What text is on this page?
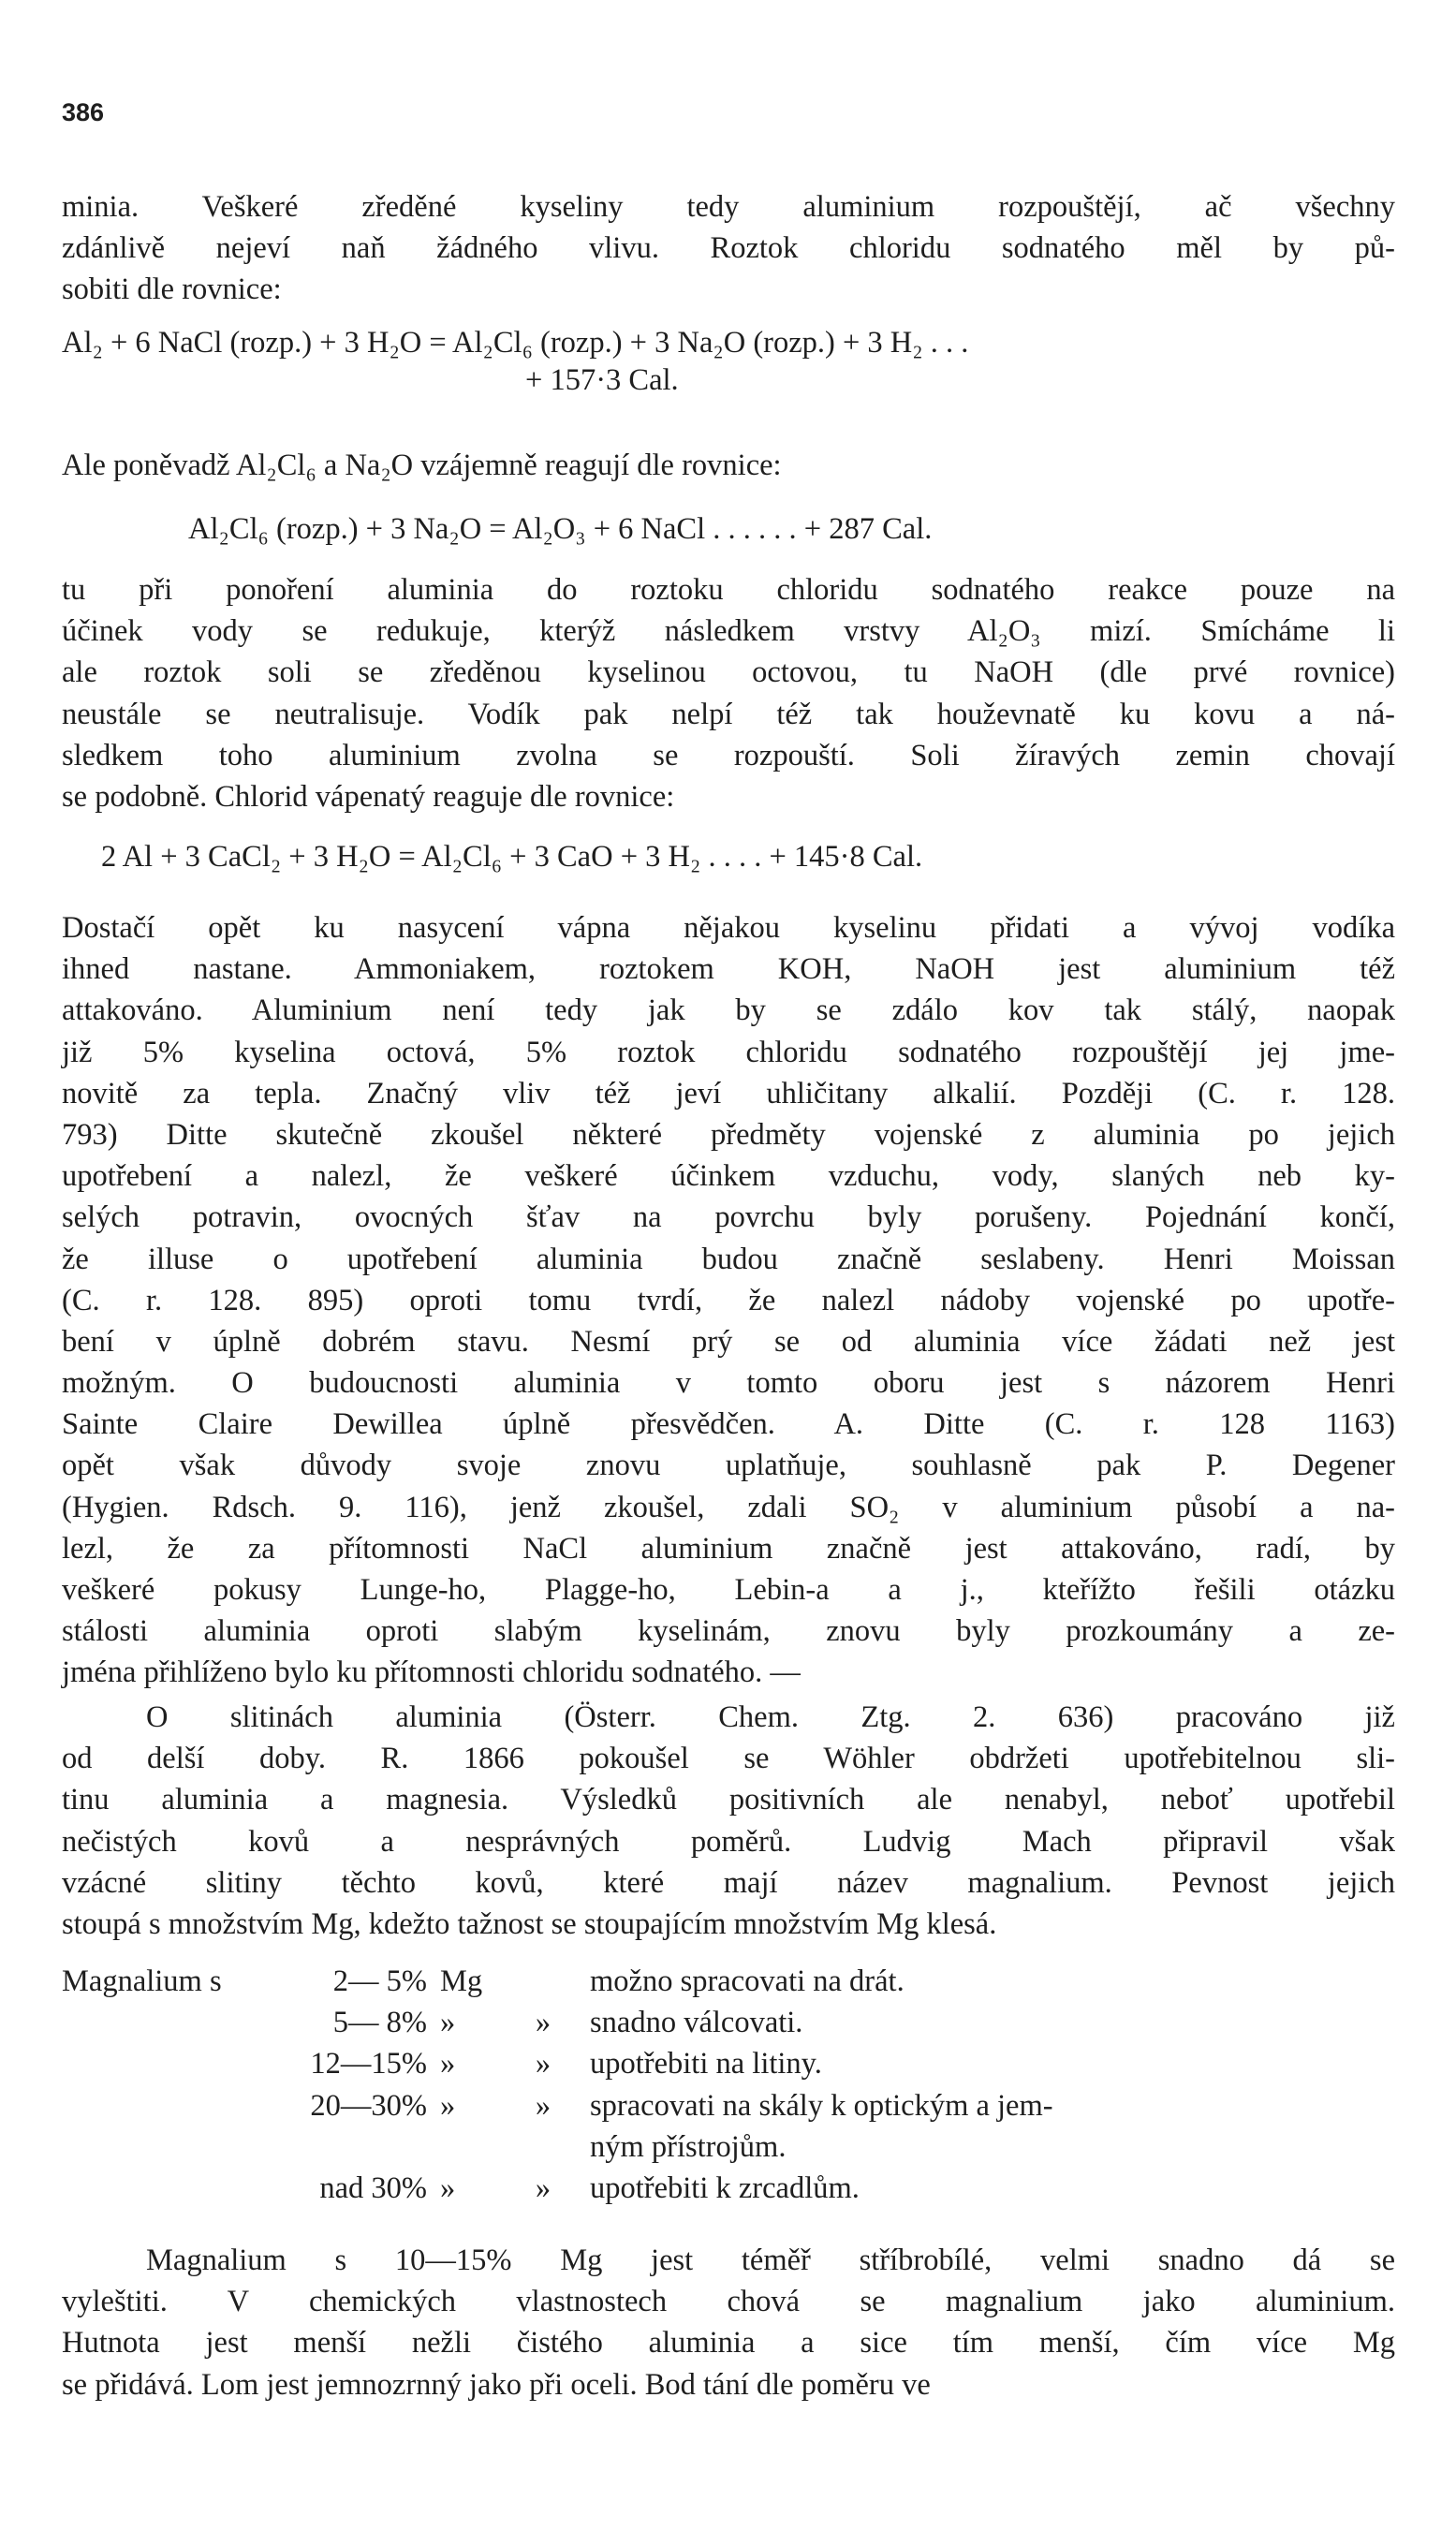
386
minia. Veškeré zředěné kyseliny tedy aluminium rozpouštějí, ač všechny
zdánlivě nejeví naň žádného vlivu. Roztok chloridu sodnatého měl by pů-
sobiti dle rovnice:
Al₂ + 6 NaCl (rozp.) + 3 H₂O = Al₂Cl₆ (rozp.) + 3 Na₂O (rozp.) + 3 H₂ . . .
+ 157·3 Cal.
Ale poněvadž Al₂Cl₆ a Na₂O vzájemně reagují dle rovnice:
Al₂Cl₆ (rozp.) + 3 Na₂O = Al₂O₃ + 6 NaCl . . . . . . + 287 Cal.
tu při ponoření aluminia do roztoku chloridu sodnatého reakce pouze na
účinek vody se redukuje, kterýž následkem vrstvy Al₂O₃ mizí. Smícháme li
ale roztok soli se zředěnou kyselinou octovou, tu NaOH (dle prvé rovnice)
neustále se neutralisuje. Vodík pak nelpí též tak houževnatě ku kovu a ná-
sledkem toho aluminium zvolna se rozpouští. Soli žíravých zemin chovají
se podobně. Chlorid vápenatý reaguje dle rovnice:
2 Al + 3 CaCl₂ + 3 H₂O = Al₂Cl₆ + 3 CaO + 3 H₂ . . . . + 145·8 Cal.
Dostačí opět ku nasycení vápna nějakou kyselinu přidati a vývoj vodíka
ihned nastane. Ammoniakem, roztokem KOH, NaOH jest aluminium též
attakováno. Aluminium není tedy jak by se zdálo kov tak stálý, naopak
již 5% kyselina octová, 5% roztok chloridu sodnatého rozpouštějí jej jme-
novitě za tepla. Značný vliv též jeví uhličitany alkalií. Později (C. r. 128.
793) Ditte skutečně zkoušel některé předměty vojenské z aluminia po jejich
upotřebení a nalezl, že veškeré účinkem vzduchu, vody, slaných neb ky-
selých potravin, ovocných šťav na povrchu byly porušeny. Pojednání končí,
že illuse o upotřebení aluminia budou značně seslabeny. Henri Moissan
(C. r. 128. 895) oproti tomu tvrdí, že nalezl nádoby vojenské po upotře-
bení v úplně dobrém stavu. Nesmí prý se od aluminia více žádati než jest
možným. O budoucnosti aluminia v tomto oboru jest s názorem Henri
Sainte Claire Dewillea úplně přesvědčen. A. Ditte (C. r. 128 1163)
opět však důvody svoje znovu uplatňuje, souhlasně pak P. Degener
(Hygien. Rdsch. 9. 116), jenž zkoušel, zdali SO₂ v aluminium působí a na-
lezl, že za přítomnosti NaCl aluminium značně jest attakováno, radí, by
veškeré pokusy Lunge-ho, Plagge-ho, Lebin-a a j., kteřížto řešili otázku
stálosti aluminia oproti slabým kyselinám, znovu byly prozkoumány a ze-
jména přihlíženo bylo ku přítomnosti chloridu sodnatého. —
O slitinách aluminia (Österr. Chem. Ztg. 2. 636) pracováno již
od delší doby. R. 1866 pokoušel se Wöhler obdržeti upotřebitelnou sli-
tinu aluminia a magnesia. Výsledků positivních ale nenabyl, neboť upotřebil
nečistých kovů a nesprávných poměrů. Ludvig Mach připravil však
vzácné slitiny těchto kovů, které mají název magnalium. Pevnost jejich
stoupá s množstvím Mg, kdežto tažnost se stoupajícím množstvím Mg klesá.
Magnalium s	2— 5%	Mg		možno spracovati na drát.
	5— 8%	»	»	snadno válcovati.
	12—15%	»	»	upotřebiti na litiny.
	20—30%	»	»	spracovati na skály k optickým a jem-
				ným přístrojům.
	nad 30%	»	»	upotřebiti k zrcadlům.
Magnalium s 10—15% Mg jest téměř stříbrobílé, velmi snadno dá se
vyleštiti. V chemických vlastnostech chová se magnalium jako aluminium.
Hutnota jest menší nežli čistého aluminia a sice tím menší, čím více Mg
se přidává. Lom jest jemnozrnný jako při oceli. Bod tání dle poměru ve
